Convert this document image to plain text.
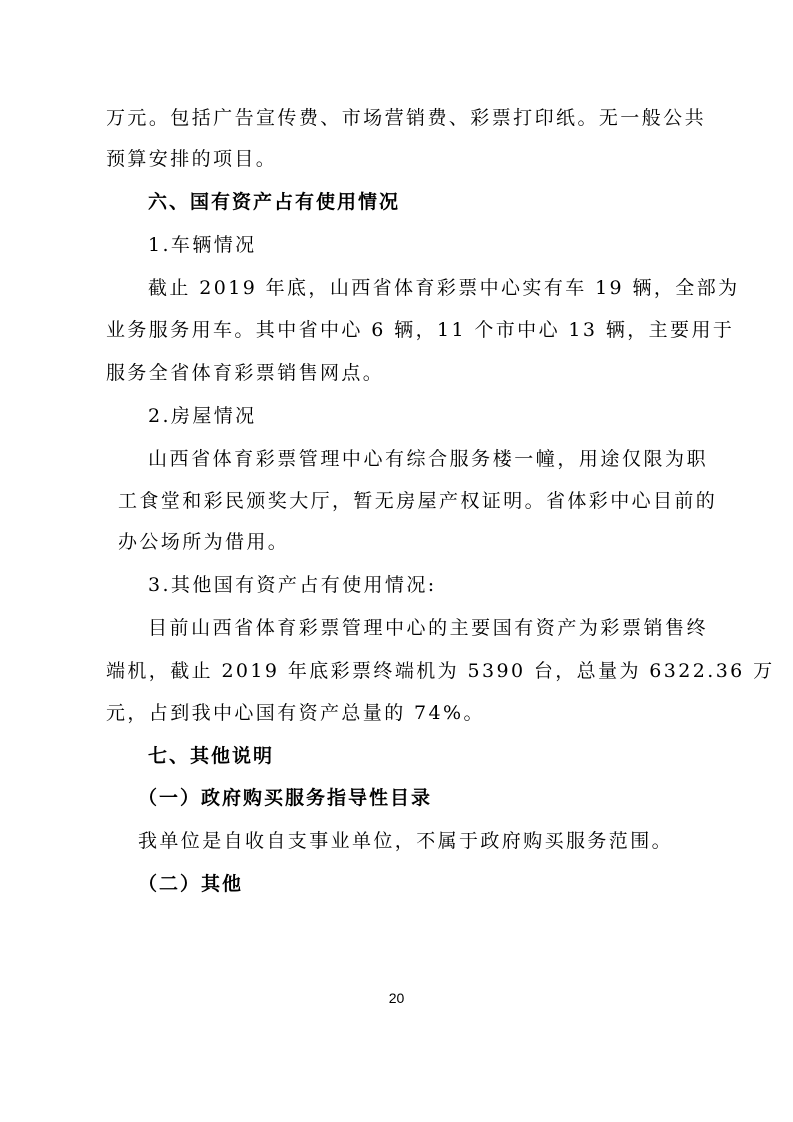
万元。包括广告宣传费、市场营销费、彩票打印纸。无一般公共
预算安排的项目。
六、国有资产占有使用情况
1.车辆情况
截止 2019 年底，山西省体育彩票中心实有车 19 辆，全部为
业务服务用车。其中省中心 6 辆，11 个市中心 13 辆，主要用于
服务全省体育彩票销售网点。
2.房屋情况
山西省体育彩票管理中心有综合服务楼一幢，用途仅限为职
工食堂和彩民颁奖大厅，暂无房屋产权证明。省体彩中心目前的
办公场所为借用。
3.其他国有资产占有使用情况:
目前山西省体育彩票管理中心的主要国有资产为彩票销售终
端机，截止 2019 年底彩票终端机为 5390 台，总量为 6322.36 万
元，占到我中心国有资产总量的 74%。
七、其他说明
（一）政府购买服务指导性目录
我单位是自收自支事业单位，不属于政府购买服务范围。
（二）其他
20
